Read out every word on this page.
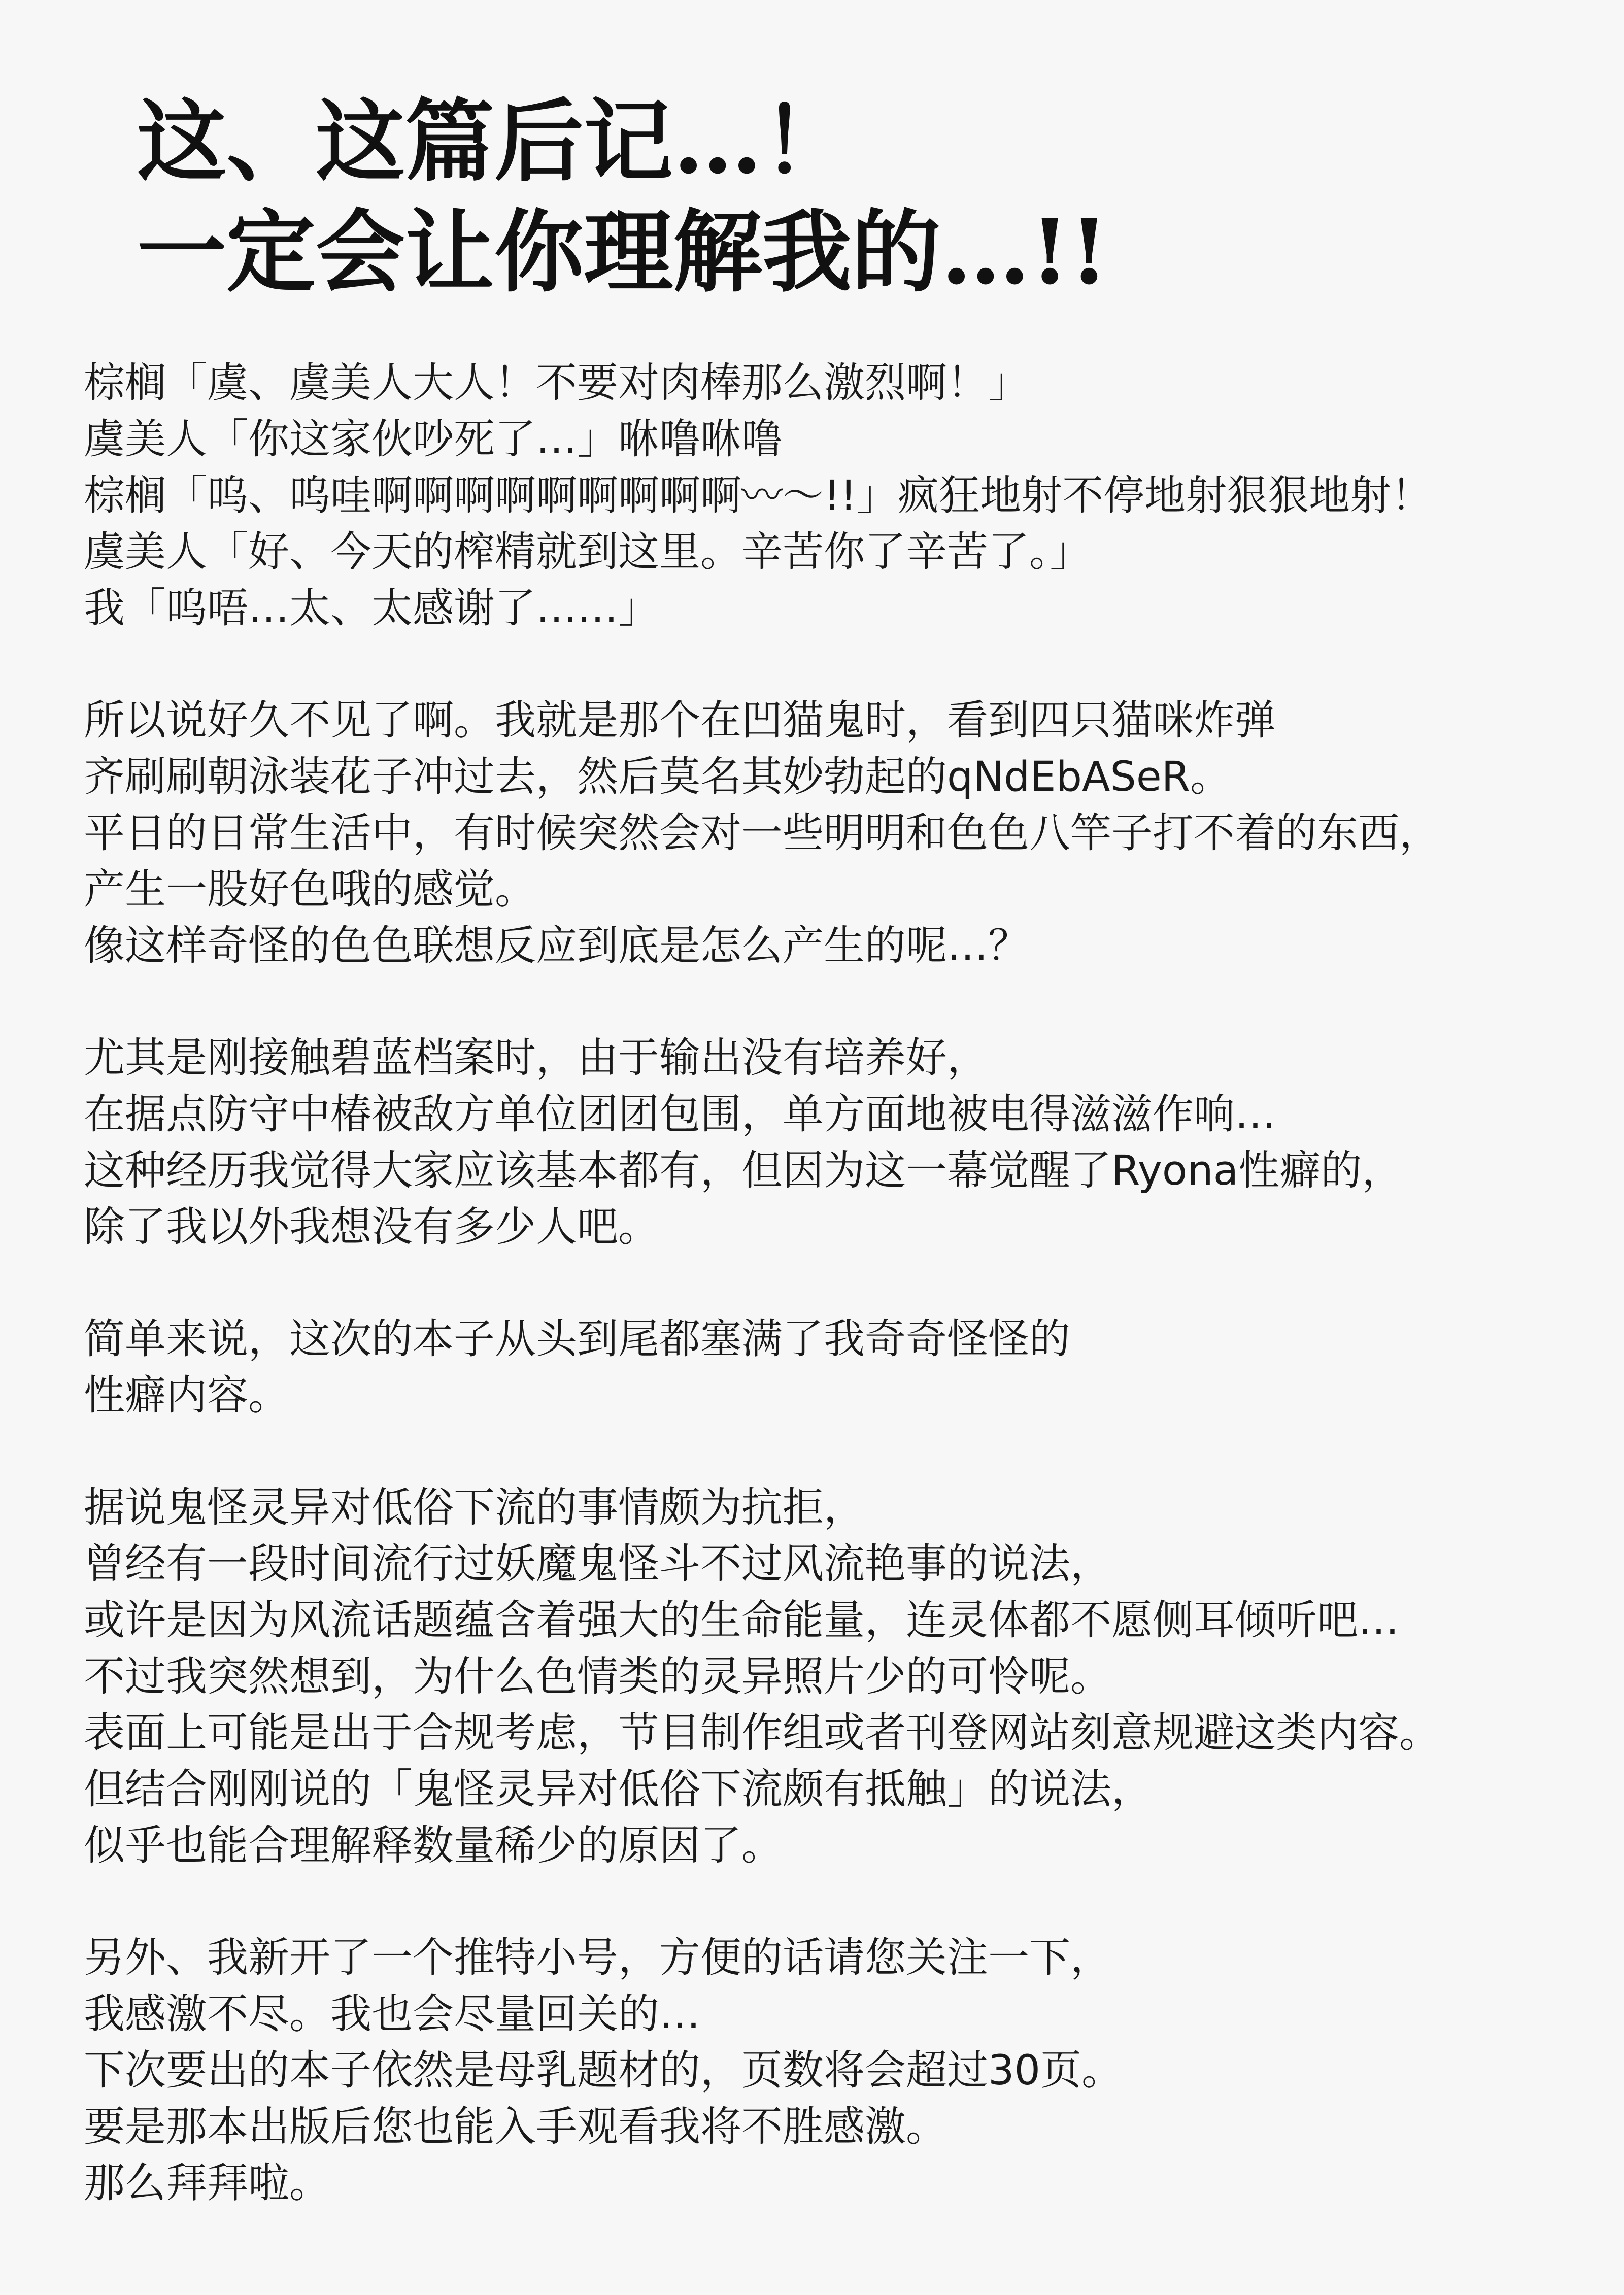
这、这篇后记…！
一定会让你理解我的…!!
棕榈「虞、虞美人大人！不要对肉棒那么激烈啊！」
虞美人「你这家伙吵死了…」咻噜咻噜
棕榈「呜、呜哇啊啊啊啊啊啊啊啊啊〰〜!!」疯狂地射不停地射狠狠地射！
虞美人「好、今天的榨精就到这里。辛苦你了辛苦了。」
我「呜唔…太、太感谢了……」
所以说好久不见了啊。我就是那个在凹猫鬼时，看到四只猫咪炸弹
齐刷刷朝泳装花子冲过去，然后莫名其妙勃起的qNdEbASeR。
平日的日常生活中，有时候突然会对一些明明和色色八竿子打不着的东西，
产生一股好色哦的感觉。
像这样奇怪的色色联想反应到底是怎么产生的呢…？
尤其是刚接触碧蓝档案时，由于输出没有培养好，
在据点防守中椿被敌方单位团团包围，单方面地被电得滋滋作响…
这种经历我觉得大家应该基本都有，但因为这一幕觉醒了Ryona性癖的，
除了我以外我想没有多少人吧。
简单来说，这次的本子从头到尾都塞满了我奇奇怪怪的
性癖内容。
据说鬼怪灵异对低俗下流的事情颇为抗拒，
曾经有一段时间流行过妖魔鬼怪斗不过风流艳事的说法，
或许是因为风流话题蕴含着强大的生命能量，连灵体都不愿侧耳倾听吧…
不过我突然想到，为什么色情类的灵异照片少的可怜呢。
表面上可能是出于合规考虑，节目制作组或者刊登网站刻意规避这类内容。
但结合刚刚说的「鬼怪灵异对低俗下流颇有抵触」的说法，
似乎也能合理解释数量稀少的原因了。
另外、我新开了一个推特小号，方便的话请您关注一下，
我感激不尽。我也会尽量回关的…
下次要出的本子依然是母乳题材的，页数将会超过30页。
要是那本出版后您也能入手观看我将不胜感激。
那么拜拜啦。
